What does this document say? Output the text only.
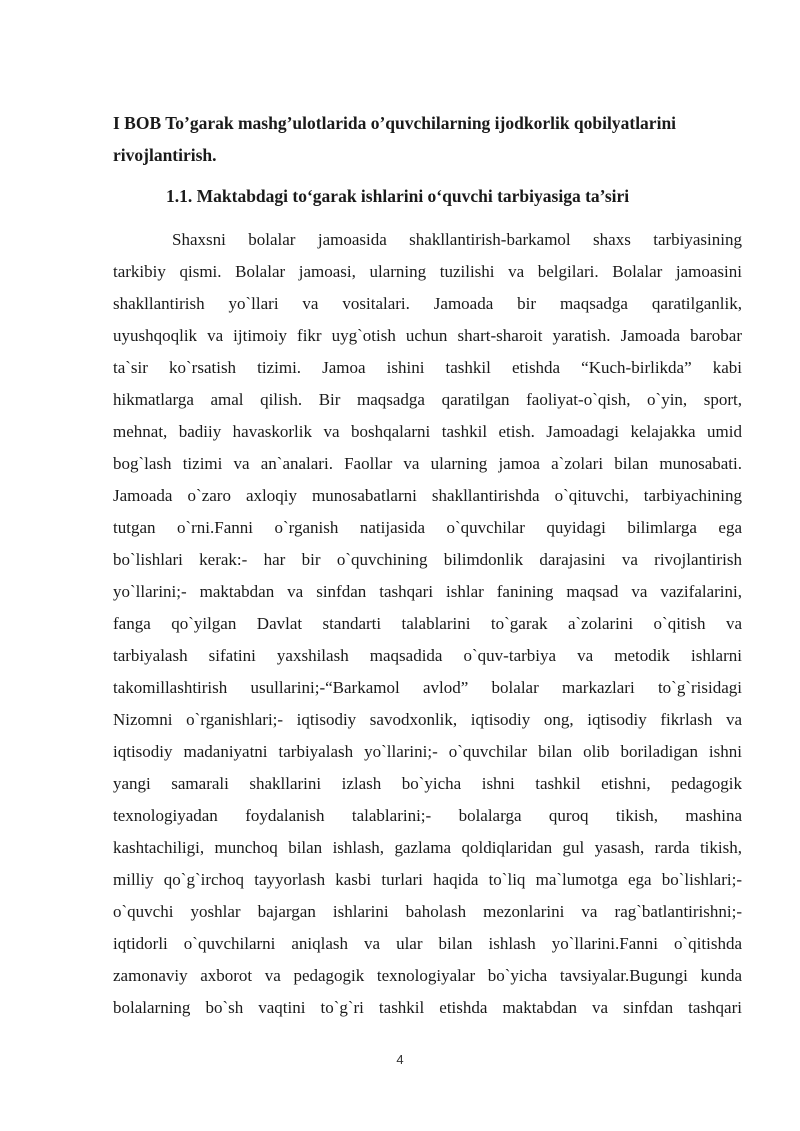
I BOB To’garak mashg’ulotlarida o’quvchilarning ijodkorlik qobilyatlarini rivojlantirish.
1.1. Maktabdagi to‘garak ishlarini o‘quvchi tarbiyasiga ta’siri
Shaxsni bolalar jamoasida shakllantirish-barkamol shaxs tarbiyasining
tarkibiy qismi. Bolalar jamoasi, ularning tuzilishi va belgilari. Bolalar jamoasini
shakllantirish yo`llari va vositalari. Jamoada bir maqsadga qaratilganlik,
uyushqoqlik va ijtimoiy fikr uyg`otish uchun shart-sharoit yaratish. Jamoada barobar
ta`sir ko`rsatish tizimi. Jamoa ishini tashkil etishda “Kuch-birlikda” kabi
hikmatlarga amal qilish. Bir maqsadga qaratilgan faoliyat-o`qish, o`yin, sport,
mehnat, badiiy havaskorlik va boshqalarni tashkil etish. Jamoadagi kelajakka umid
bog`lash tizimi va an`analari. Faollar va ularning jamoa a`zolari bilan munosabati.
Jamoada o`zaro axloqiy munosabatlarni shakllantirishda o`qituvchi, tarbiyachining
tutgan o`rni.Fanni o`rganish natijasida o`quvchilar quyidagi bilimlarga ega
bo`lishlari kerak:- har bir o`quvchining bilimdonlik darajasini va rivojlantirish
yo`llarini;- maktabdan va sinfdan tashqari ishlar fanining maqsad va vazifalarini,
fanga qo`yilgan Davlat standarti talablarini to`garak a`zolarini o`qitish va
tarbiyalash sifatini yaxshilash maqsadida o`quv-tarbiya va metodik ishlarni
takomillashtirish usullarini;-“Barkamol avlod” bolalar markazlari to`g`risidagi
Nizomni o`rganishlari;- iqtisodiy savodxonlik, iqtisodiy ong, iqtisodiy fikrlash va
iqtisodiy madaniyatni tarbiyalash yo`llarini;- o`quvchilar bilan olib boriladigan ishni
yangi samarali shakllarini izlash bo`yicha ishni tashkil etishni, pedagogik
texnologiyadan foydalanish talablarini;- bolalarga quroq tikish, mashina
kashtachiligi, munchoq bilan ishlash, gazlama qoldiqlaridan gul yasash, rarda tikish,
milliy qo`g`irchoq tayyorlash kasbi turlari haqida to`liq ma`lumotga ega bo`lishlari;-
o`quvchi yoshlar bajargan ishlarini baholash mezonlarini va rag`batlantirishni;-
iqtidorli o`quvchilarni aniqlash va ular bilan ishlash yo`llarini.Fanni o`qitishda
zamonaviy axborot va pedagogik texnologiyalar bo`yicha tavsiyalar.Bugungi kunda
bolalarning bo`sh vaqtini to`g`ri tashkil etishda maktabdan va sinfdan tashqari
4
